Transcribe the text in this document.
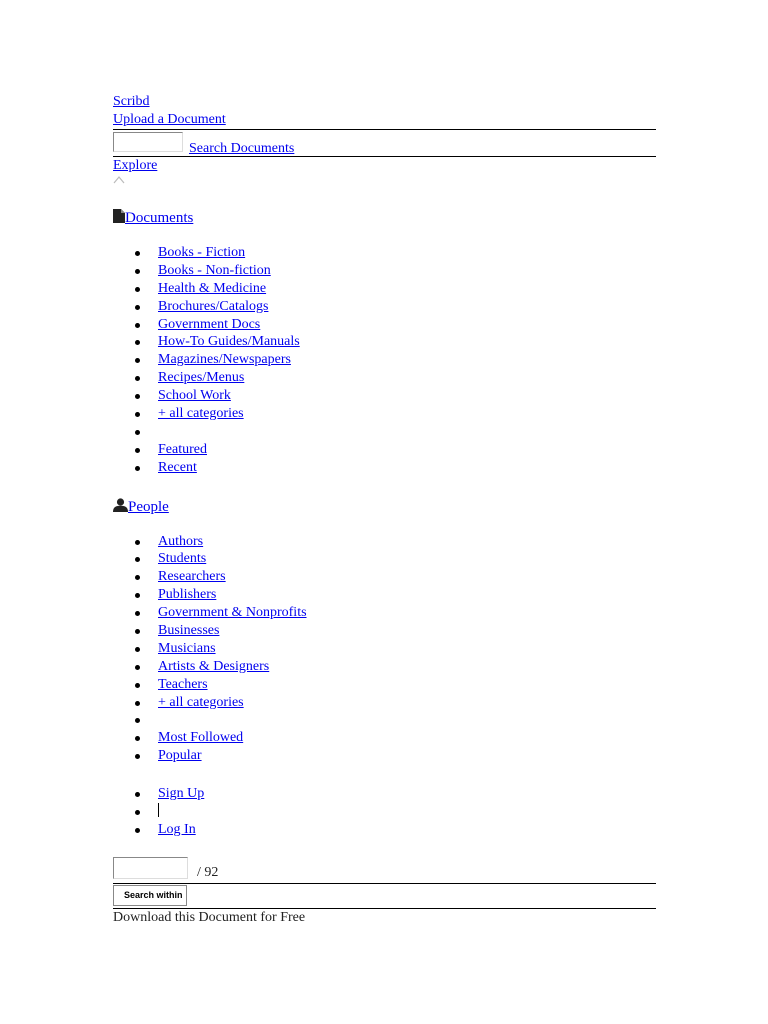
Scribd
Upload a Document
Search Documents
Explore
Documents
Books - Fiction
Books - Non-fiction
Health & Medicine
Brochures/Catalogs
Government Docs
How-To Guides/Manuals
Magazines/Newspapers
Recipes/Menus
School Work
+ all categories
Featured
Recent
People
Authors
Students
Researchers
Publishers
Government & Nonprofits
Businesses
Musicians
Artists & Designers
Teachers
+ all categories
Most Followed
Popular
Sign Up
Log In
/ 92
Search within
Download this Document for Free
